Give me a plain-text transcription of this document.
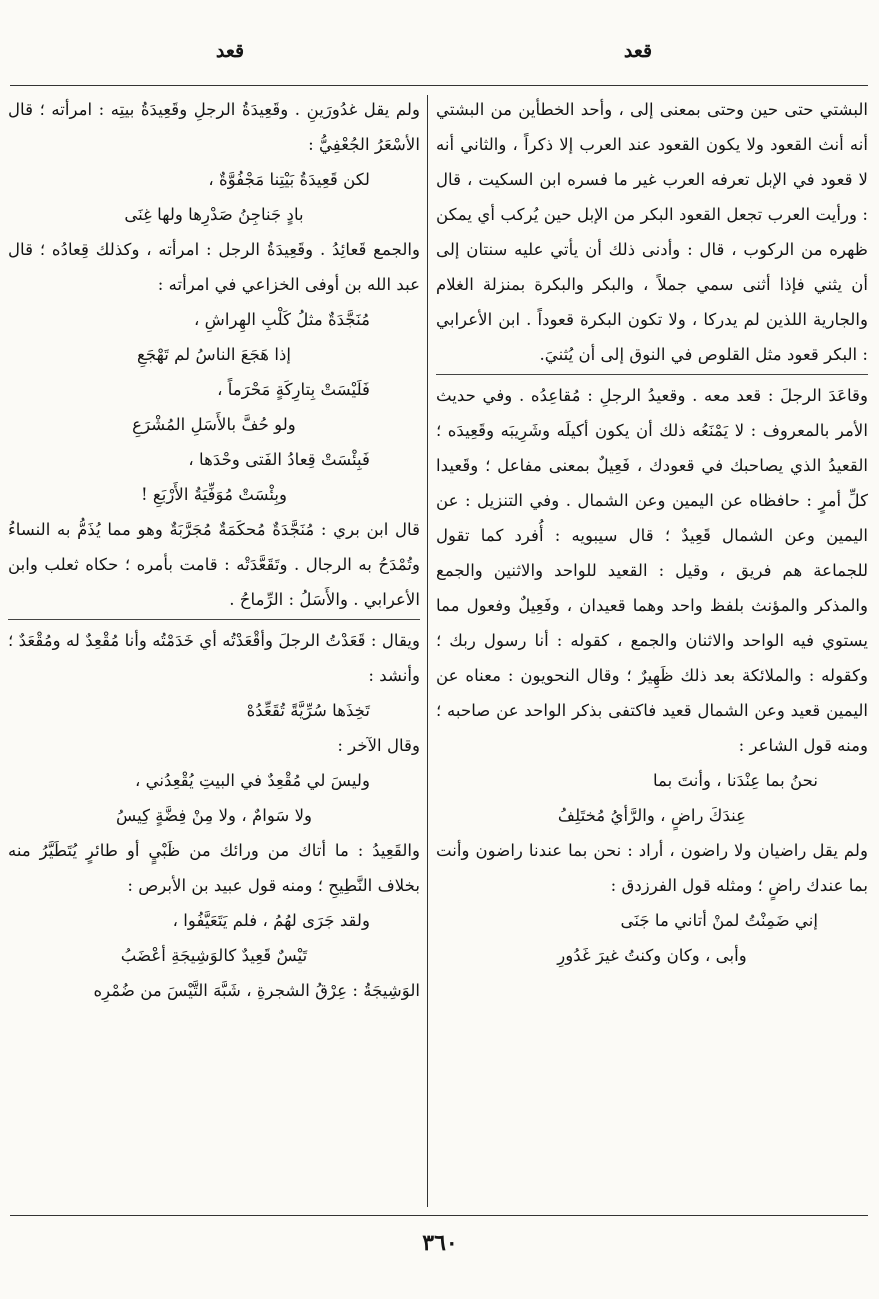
قعد
قعد

البشتي حتى حين وحتى بمعنى إلى ، وأحد الخطأين من البشتي أنه أنث القعود ولا يكون القعود عند العرب إلا ذكراً ، والثاني أنه لا قعود في الإبل تعرفه العرب غير ما فسره ابن السكيت ، قال : ورأيت العرب تجعل القعود البكر من الإبل حين يُركب أي يمكن ظهره من الركوب ، قال : وأدنى ذلك أن يأتي عليه سنتان إلى أن يثني فإذا أثنى سمي جملاً ، والبكر والبكرة بمنزلة الغلام والجارية اللذين لم يدركا ، ولا تكون البكرة قعوداً . ابن الأعرابي : البكر قعود مثل القلوص في النوق إلى أن يُثنيَ.

وقاعَدَ الرجلَ : قعد معه . وقعيدُ الرجلِ : مُقاعِدُه . وفي حديث الأمر بالمعروف : لا يَمْنَعُه ذلك أن يكون أكيلَه وشَرِيبَه وقَعِيدَه ؛ القعيدُ الذي يصاحبك في قعودك ، فَعِيلٌ بمعنى مفاعل ؛ وقَعيدا كلِّ أمرٍ : حافظاه عن اليمين وعن الشمال . وفي التنزيل : عن اليمين وعن الشمال قَعِيدٌ ؛ قال سيبويه : أُفرد كما تقول للجماعة هم فريق ، وقيل : القعيد للواحد والاثنين والجمع والمذكر والمؤنث بلفظ واحد وهما قعيدان ، وفَعِيلٌ وفعول مما يستوي فيه الواحد والاثنان والجمع ، كقوله : أنا رسول ربك ؛ وكقوله : والملائكة بعد ذلك ظَهِيرٌ ؛ وقال النحويون : معناه عن اليمين قعيد وعن الشمال قعيد فاكتفى بذكر الواحد عن صاحبه ؛ ومنه قول الشاعر :

نحنُ بما عِنْدَنا ، وأنتَ بما
عِندَكَ راضٍ ، والرَّأيُ مُختَلِفُ

ولم يقل راضيان ولا راضون ، أراد : نحن بما عندنا راضون وأنت بما عندك راضٍ ؛ ومثله قول الفرزدق :

إني ضَمِنْتُ لمنْ أتاني ما جَنَى
وأبى ، وكان وكنتُ غيرَ غَدُورِ

ولم يقل غدُورَينِ . وقَعِيدَةُ الرجلِ وقَعِيدَةُ بيتِه : امرأته ؛ قال الأسْعَرُ الجُعْفِيُّ :

لكن قَعِيدَةُ بَيْتِنا مَجْفُوَّةٌ ،
بادٍ جَناجِنُ صَدْرِها ولها غِنَى

والجمع قَعائِدُ . وقَعِيدَةُ الرجل : امرأته ، وكذلك قِعادُه ؛ قال عبد الله بن أوفى الخزاعي في امرأته :

مُنَجَّدَةٌ مثلُ كَلْبِ الهِراشِ ،
إذا هَجَعَ الناسُ لم تَهْجَعِ
فَلَيْسَتْ بِتارِكَةٍ مَحْرَماً ،
ولو حُفَّ بالأَسَلِ المُشْرَعِ
فَبِئْسَتْ قِعادُ الفَتى وحْدَها ،
وبِئْسَتْ مُوَفِّيَةُ الأَرْبَعِ !

قال ابن بري : مُنَجَّدَةٌ مُحكَمَةٌ مُجَرَّبَةٌ وهو مما يُذَمُّ به النساءُ وتُمْدَحُ به الرجال . وتَقَعَّدَتْه : قامت بأمره ؛ حكاه ثعلب وابن الأعرابي . والأَسَلُ : الرِّماحُ .

ويقال : قَعَدْتُ الرجلَ وأقْعَدْتُه أي خَدَمْتُه وأنا مُقْعِدٌ له ومُقْعَدٌ ؛ وأنشد :

تَخِذَها سُرِّيَّةً تُقَعِّدُهْ

وقال الآخر :

وليسَ لي مُقْعِدٌ في البيتِ يُقْعِدُني ،
ولا سَوامٌ ، ولا مِنْ فِضَّةٍ كِيسُ

والقَعِيدُ : ما أتاك من ورائك من ظَبْيٍ أو طائرٍ يُتَطَيَّرُ منه بخلاف النَّطِيحِ ؛ ومنه قول عبيد بن الأبرص :

ولقد جَرَى لهُمُ ، فلم يَتَعَيَّفُوا ،
تَيْسٌ قَعِيدٌ كالوَشِيجَةِ أعْضَبُ

الوَشِيجَةُ : عِرْقُ الشجرةِ ، شَبَّهَ التَّيْسَ من ضُمْرِه

٣٦٠
